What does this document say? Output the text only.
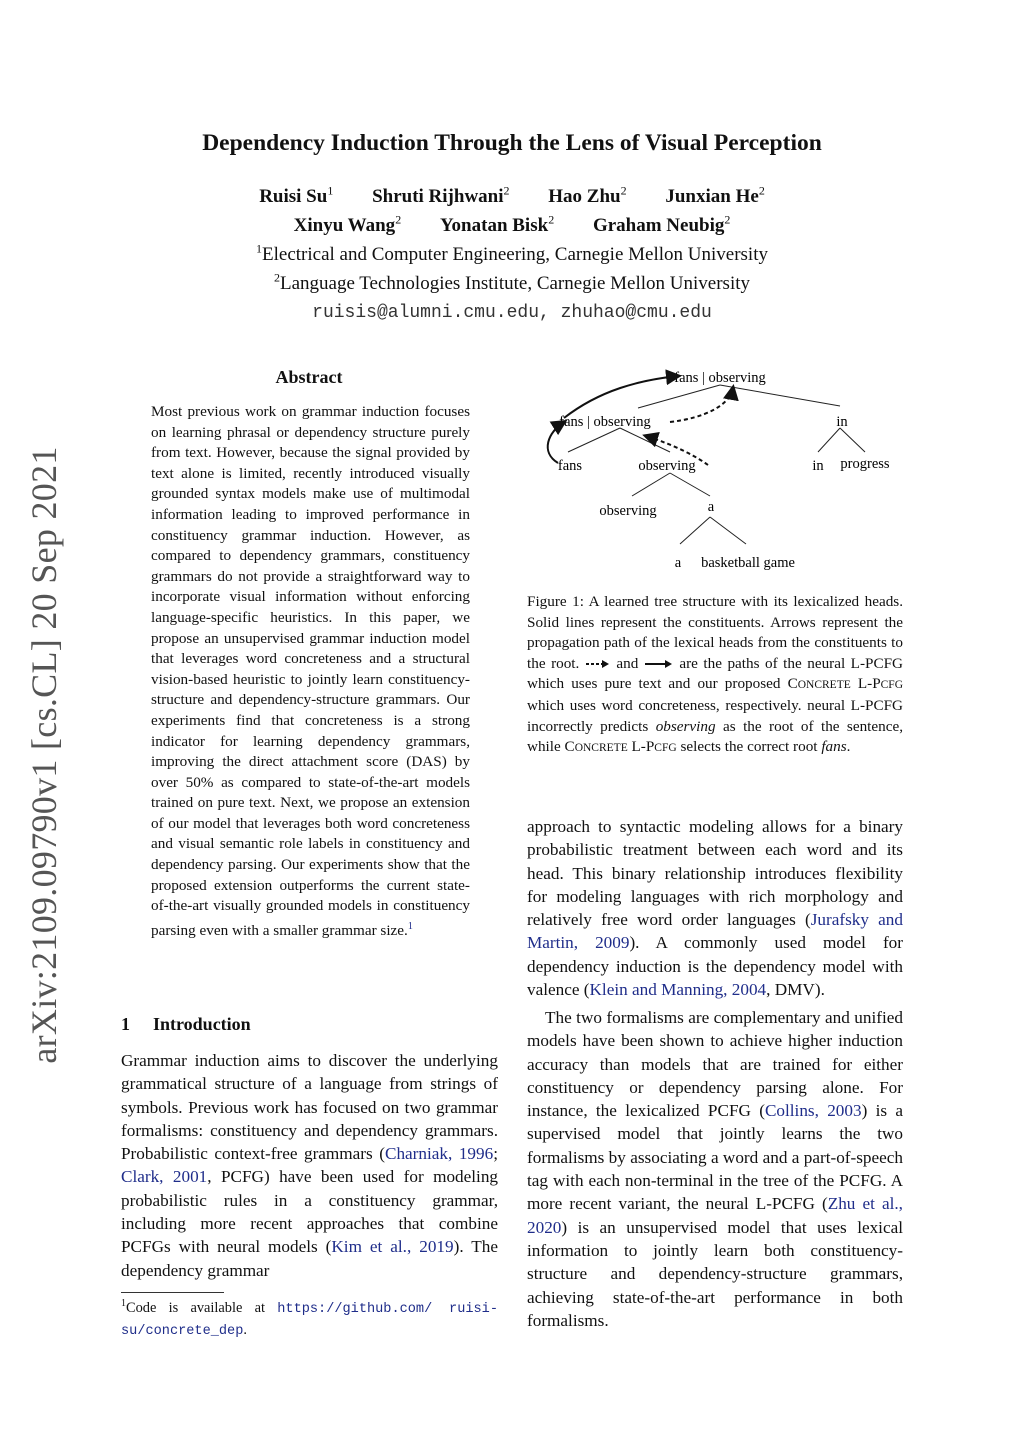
Dependency Induction Through the Lens of Visual Perception
Ruisi Su$^1$ Shruti Rijhwani$^2$ Hao Zhu$^2$ Junxian He$^2$
Xinyu Wang$^2$ Yonatan Bisk$^2$ Graham Neubig$^2$
$^1$Electrical and Computer Engineering, Carnegie Mellon University
$^2$Language Technologies Institute, Carnegie Mellon University
ruisis@alumni.cmu.edu, zhuhao@cmu.edu
arXiv:2109.09790v1 [cs.CL] 20 Sep 2021
Abstract

Most previous work on grammar induction focuses on learning phrasal or dependency structure purely from text. However, because the signal provided by text alone is limited, recently introduced visually grounded syntax models make use of multimodal information leading to improved performance in constituency grammar induction. However, as compared to dependency grammars, constituency grammars do not provide a straightforward way to incorporate visual information without enforcing language-specific heuristics. In this paper, we propose an unsupervised grammar induction model that leverages word concreteness and a structural vision-based heuristic to jointly learn constituency-structure and dependency-structure grammars. Our experiments find that concreteness is a strong indicator for learning dependency grammars, improving the direct attachment score (DAS) by over 50% as compared to state-of-the-art models trained on pure text. Next, we propose an extension of our model that leverages both word concreteness and visual semantic role labels in constituency and dependency parsing. Our experiments show that the proposed extension outperforms the current state-of-the-art visually grounded models in constituency parsing even with a smaller grammar size.$^1$

1 Introduction

Grammar induction aims to discover the underlying grammatical structure of a language from strings of symbols. Previous work has focused on two grammar formalisms: constituency and dependency grammars. Probabilistic context-free grammars (Charniak, 1996; Clark, 2001, PCFG) have been used for modeling probabilistic rules in a constituency grammar, including more recent approaches that combine PCFGs with neural models (Kim et al., 2019). The dependency grammar

approach to syntactic modeling allows for a binary probabilistic treatment between each word and its head. This binary relationship introduces flexibility for modeling languages with rich morphology and relatively free word order languages (Jurafsky and Martin, 2009). A commonly used model for dependency induction is the dependency model with valence (Klein and Manning, 2004, DMV).

The two formalisms are complementary and unified models have been shown to achieve higher induction accuracy than models that are trained for either constituency or dependency parsing alone. For instance, the lexicalized PCFG (Collins, 2003) is a supervised model that jointly learns the two formalisms by associating a word and a part-of-speech tag with each non-terminal in the tree of the PCFG. A more recent variant, the neural L-PCFG (Zhu et al., 2020) is an unsupervised model that uses lexical information to jointly learn both constituency-structure and dependency-structure grammars, achieving state-of-the-art performance in both formalisms.

$^1$Code is available at https://github.com/ ruisi-su/concrete_dep.

fans | observing
fans | observing	in
fans	observing	in progress
observing	a
a basketball game

Figure 1: A learned tree structure with its lexicalized heads. Solid lines represent the constituents. Arrows represent the propagation path of the lexical heads from the constituents to the root. and	are the paths of the neural L-PCFG which uses pure text and our proposed CONCRETE L-PCFG which uses word concreteness, respectively. neural L-PCFG incorrectly predicts observing as the root of the sentence, while CONCRETE L-PCFG selects the correct root fans.
